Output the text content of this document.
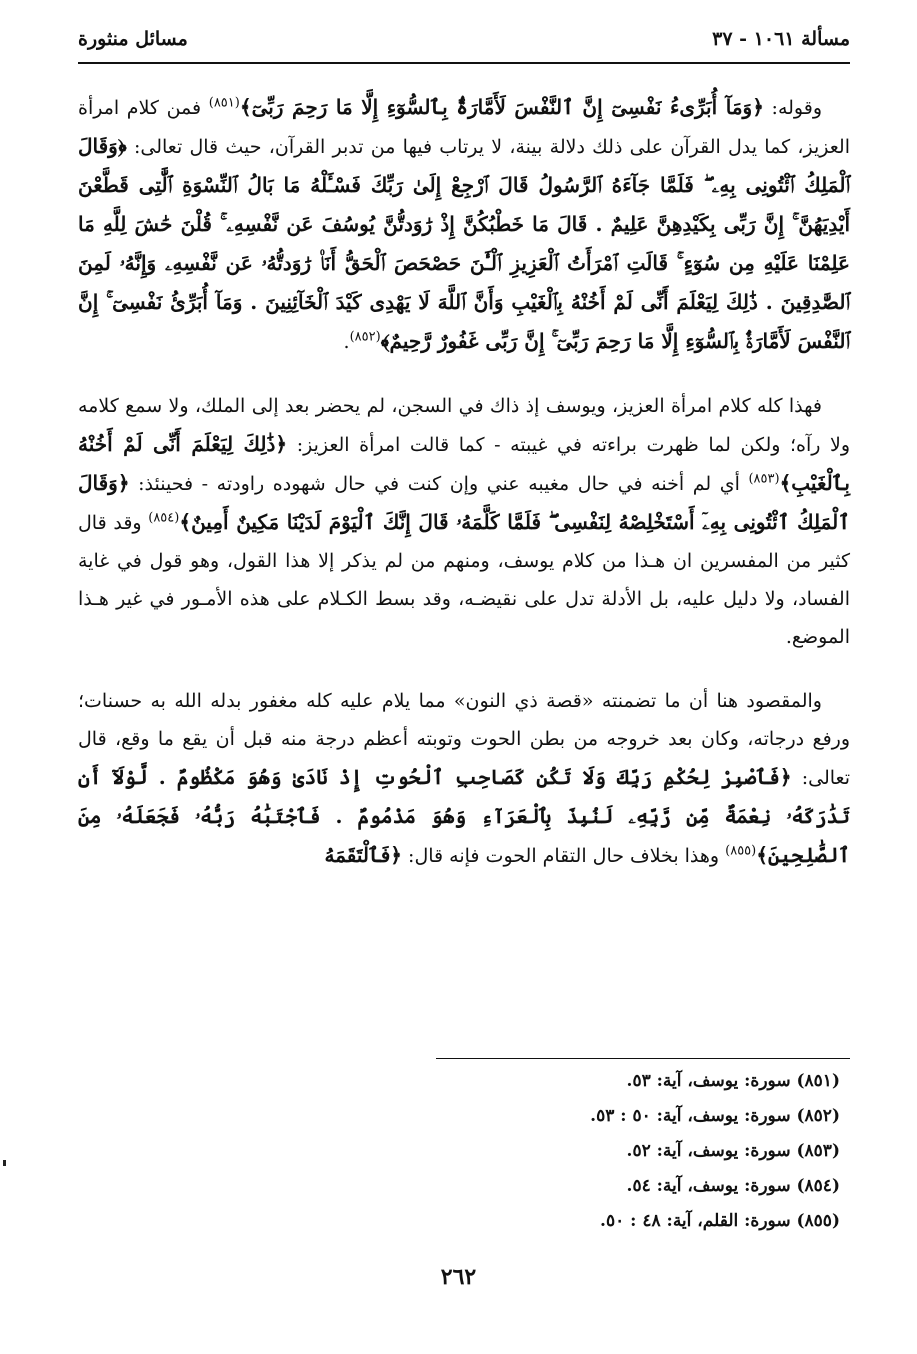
مسألة ١٠٦١ - ٣٧
مسائل منثورة

وقوله: ﴿وَمَآ أُبَرِّىءُ نَفْسِىٓ إِنَّ ٱلنَّفْسَ لَأَمَّارَةٌۢ بِٱلسُّوٓءِ إِلَّا مَا رَحِمَ رَبِّىٓ﴾$^{(٨٥١)}$ فمن كلام امرأة العزيز، كما يدل القرآن على ذلك دلالة بينة، لا يرتاب فيها من تدبر القرآن، حيث قال تعالى: ﴿وَقَالَ ٱلْمَلِكُ ٱئْتُونِى بِهِۦ ۖ فَلَمَّا جَآءَهُ ٱلرَّسُولُ قَالَ ٱرْجِعْ إِلَىٰ رَبِّكَ فَسْـَٔلْهُ مَا بَالُ ٱلنِّسْوَةِ ٱلَّٰتِى قَطَّعْنَ أَيْدِيَهُنَّ ۚ إِنَّ رَبِّى بِكَيْدِهِنَّ عَلِيمٌ . قَالَ مَا خَطْبُكُنَّ إِذْ رَٰوَدتُّنَّ يُوسُفَ عَن نَّفْسِهِۦ ۚ قُلْنَ حَٰشَ لِلَّهِ مَا عَلِمْنَا عَلَيْهِ مِن سُوٓءٍ ۚ قَالَتِ ٱمْرَأَتُ ٱلْعَزِيزِ ٱلْـَٰٔنَ حَصْحَصَ ٱلْحَقُّ أَنَا۠ رَٰوَدتُّهُۥ عَن نَّفْسِهِۦ وَإِنَّهُۥ لَمِنَ ٱلصَّٰدِقِينَ . ذَٰلِكَ لِيَعْلَمَ أَنِّى لَمْ أَخُنْهُ بِٱلْغَيْبِ وَأَنَّ ٱللَّهَ لَا يَهْدِى كَيْدَ ٱلْخَآئِنِينَ . وَمَآ أُبَرِّئُ نَفْسِىٓ ۚ إِنَّ ٱلنَّفْسَ لَأَمَّارَةٌۢ بِٱلسُّوٓءِ إِلَّا مَا رَحِمَ رَبِّىٓ ۚ إِنَّ رَبِّى غَفُورٌ رَّحِيمٌ﴾$^{(٨٥٢)}$.

فهذا كله كلام امرأة العزيز، ويوسف إذ ذاك في السجن، لم يحضر بعد إلى الملك، ولا سمع كلامه ولا رآه؛ ولكن لما ظهرت براءته في غيبته - كما قالت امرأة العزيز: ﴿ذَٰلِكَ لِيَعْلَمَ أَنِّى لَمْ أَخُنْهُ بِٱلْغَيْبِ﴾$^{(٨٥٣)}$ أي لم أخنه في حال مغيبه عني وإن كنت في حال شهوده راودته - فحينئذ: ﴿وَقَالَ ٱلْمَلِكُ ٱئْتُونِى بِهِۦٓ أَسْتَخْلِصْهُ لِنَفْسِى ۖ فَلَمَّا كَلَّمَهُۥ قَالَ إِنَّكَ ٱلْيَوْمَ لَدَيْنَا مَكِينٌ أَمِينٌ﴾$^{(٨٥٤)}$ وقد قال كثير من المفسرين ان هـذا من كلام يوسف، ومنهم من لم يذكر إلا هذا القول، وهو قول في غاية الفساد، ولا دليل عليه، بل الأدلة تدل على نقيضـه، وقد بسط الكـلام على هذه الأمـور في غير هـذا الموضع.

والمقصود هنا أن ما تضمنته «قصة ذي النون» مما يلام عليه كله مغفور بدله الله به حسنات؛ ورفع درجاته، وكان بعد خروجه من بطن الحوت وتوبته أعظم درجة منه قبل أن يقع ما وقع، قال تعالى: ﴿فَٱصْبِرْ لِحُكْمِ رَبِّكَ وَلَا تَكُن كَصَاحِبِ ٱلْحُوتِ إِذْ نَادَىٰ وَهُوَ مَكْظُومٌ . لَّوْلَآ أَن تَدَٰرَكَهُۥ نِعْمَةٌ مِّن رَّبِّهِۦ لَنُبِذَ بِٱلْعَرَآءِ وَهُوَ مَذْمُومٌ . فَٱجْتَبَٰهُ رَبُّهُۥ فَجَعَلَهُۥ مِنَ ٱلصَّٰلِحِينَ﴾$^{(٨٥٥)}$ وهذا بخلاف حال التقام الحوت فإنه قال: ﴿فَٱلْتَقَمَهُ

(٨٥١) سورة: يوسف، آية: ٥٣.

(٨٥٢) سورة: يوسف، آية: ٥٠ : ٥٣.

(٨٥٣) سورة: يوسف، آية: ٥٢.

(٨٥٤) سورة: يوسف، آية: ٥٤.

(٨٥٥) سورة: القلم، آية: ٤٨ : ٥٠.

٢٦٢
